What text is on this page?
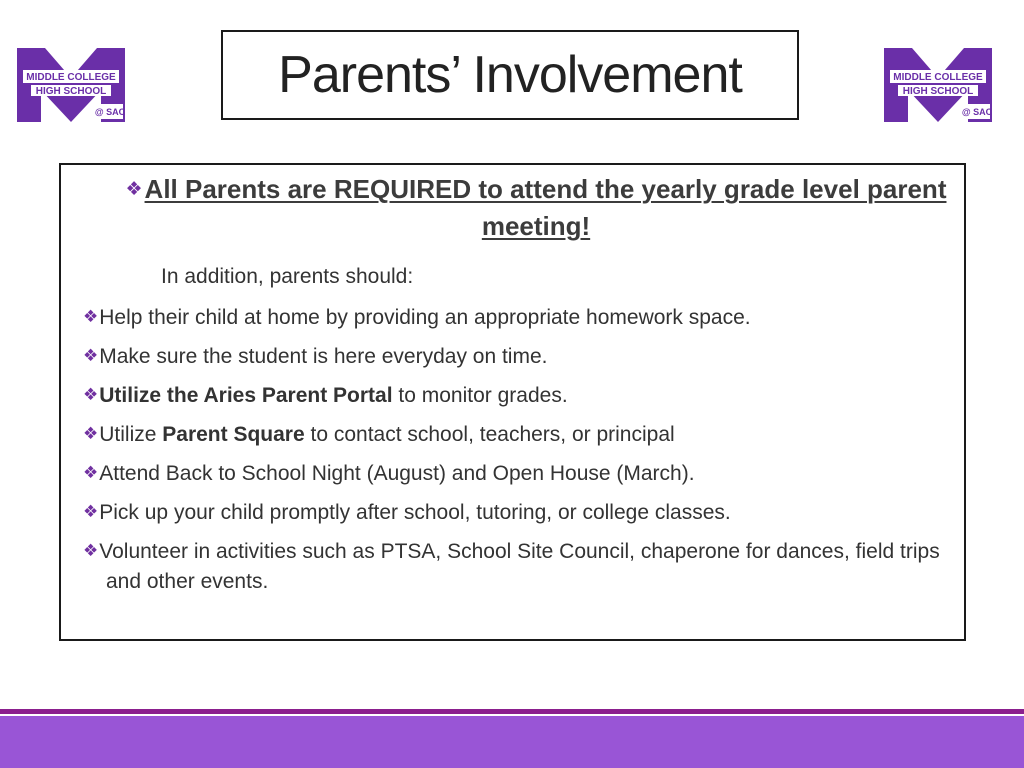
MIDDLE COLLEGE
HIGH SCHOOL
@ SAC
Parents’ Involvement	MIDDLE COLLEGE
HIGH SCHOOL
@ SAC
❖All Parents are REQUIRED to attend the yearly grade level parent meeting!
In addition, parents should:
❖Help their child at home by providing an appropriate homework space.
❖Make sure the student is here everyday on time.
❖Utilize the Aries Parent Portal to monitor grades.
❖Utilize Parent Square to contact school, teachers, or principal
❖Attend Back to School Night (August) and Open House (March).
❖Pick up your child promptly after school, tutoring, or college classes.
❖Volunteer in activities such as PTSA, School Site Council, chaperone for dances, field trips and other events.
